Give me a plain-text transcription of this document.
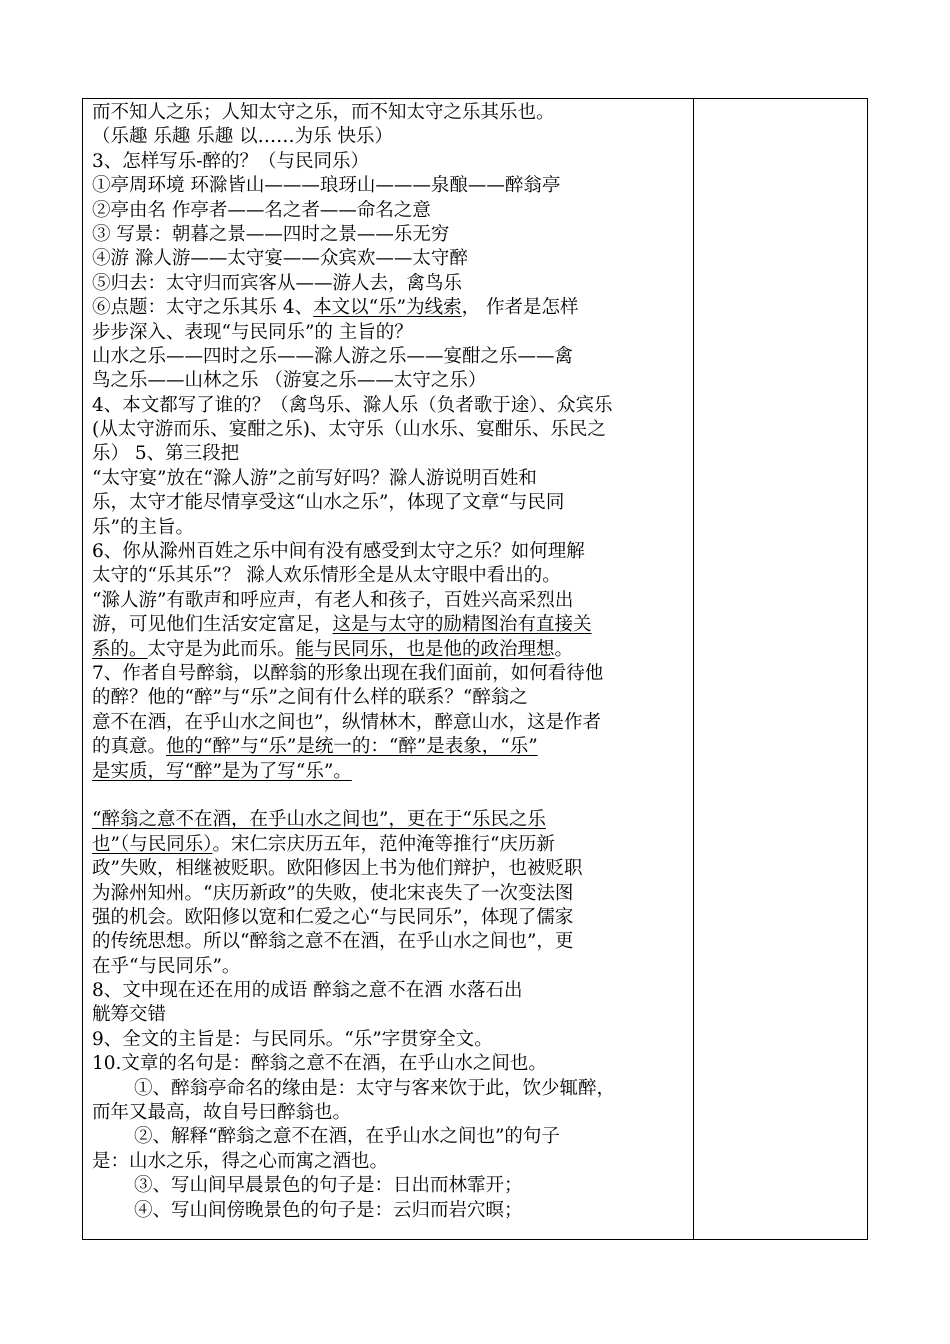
而不知人之乐；人知太守之乐，而不知太守之乐其乐也。
（乐趣 乐趣 乐趣 以……为乐 快乐）
3、怎样写乐-醉的？（与民同乐）
①亭周环境 环滁皆山———琅玡山———泉酿——醉翁亭
②亭由名 作亭者——名之者——命名之意
③ 写景：朝暮之景——四时之景——乐无穷
④游 滁人游——太守宴——众宾欢——太守醉
⑤归去：太守归而宾客从——游人去，禽鸟乐
⑥点题：太守之乐其乐 4、本文以“乐”为线索， 作者是怎样
步步深入、表现“与民同乐”的 主旨的？
山水之乐——四时之乐——滁人游之乐——宴酣之乐——禽
鸟之乐——山林之乐 （游宴之乐——太守之乐）
4、本文都写了谁的？（禽鸟乐、滁人乐（负者歌于途）、众宾乐
(从太守游而乐、宴酣之乐)、太守乐（山水乐、宴酣乐、乐民之
乐） 5、第三段把
“太守宴”放在“滁人游”之前写好吗？滁人游说明百姓和
乐，太守才能尽情享受这“山水之乐”，体现了文章“与民同
乐”的主旨。
6、你从滁州百姓之乐中间有没有感受到太守之乐？如何理解
太守的“乐其乐”？ 滁人欢乐情形全是从太守眼中看出的。
“滁人游”有歌声和呼应声，有老人和孩子，百姓兴高采烈出
游，可见他们生活安定富足，这是与太守的励精图治有直接关
系的。太守是为此而乐。能与民同乐，也是他的政治理想。
7、作者自号醉翁，以醉翁的形象出现在我们面前，如何看待他
的醉？他的“醉”与“乐”之间有什么样的联系？“醉翁之
意不在酒，在乎山水之间也”，纵情林木，醉意山水，这是作者
的真意。他的“醉”与“乐”是统一的：“醉”是表象，“乐”
是实质，写“醉”是为了写“乐”。
“醉翁之意不在酒，在乎山水之间也”，更在于“乐民之乐
也”（与民同乐）。宋仁宗庆历五年，范仲淹等推行“庆历新
政”失败，相继被贬职。欧阳修因上书为他们辩护，也被贬职
为滁州知州。“庆历新政”的失败，使北宋丧失了一次变法图
强的机会。欧阳修以宽和仁爱之心“与民同乐”，体现了儒家
的传统思想。所以“醉翁之意不在酒，在乎山水之间也”，更
在乎“与民同乐”。
8、文中现在还在用的成语 醉翁之意不在酒 水落石出
觥筹交错
9、全文的主旨是：与民同乐。“乐”字贯穿全文。
10.文章的名句是：醉翁之意不在酒，在乎山水之间也。
①、醉翁亭命名的缘由是：太守与客来饮于此，饮少辄醉，
而年又最高，故自号曰醉翁也。
②、解释“醉翁之意不在酒，在乎山水之间也”的句子
是：山水之乐，得之心而寓之酒也。
③、写山间早晨景色的句子是：日出而林霏开；
④、写山间傍晚景色的句子是：云归而岩穴暝；
